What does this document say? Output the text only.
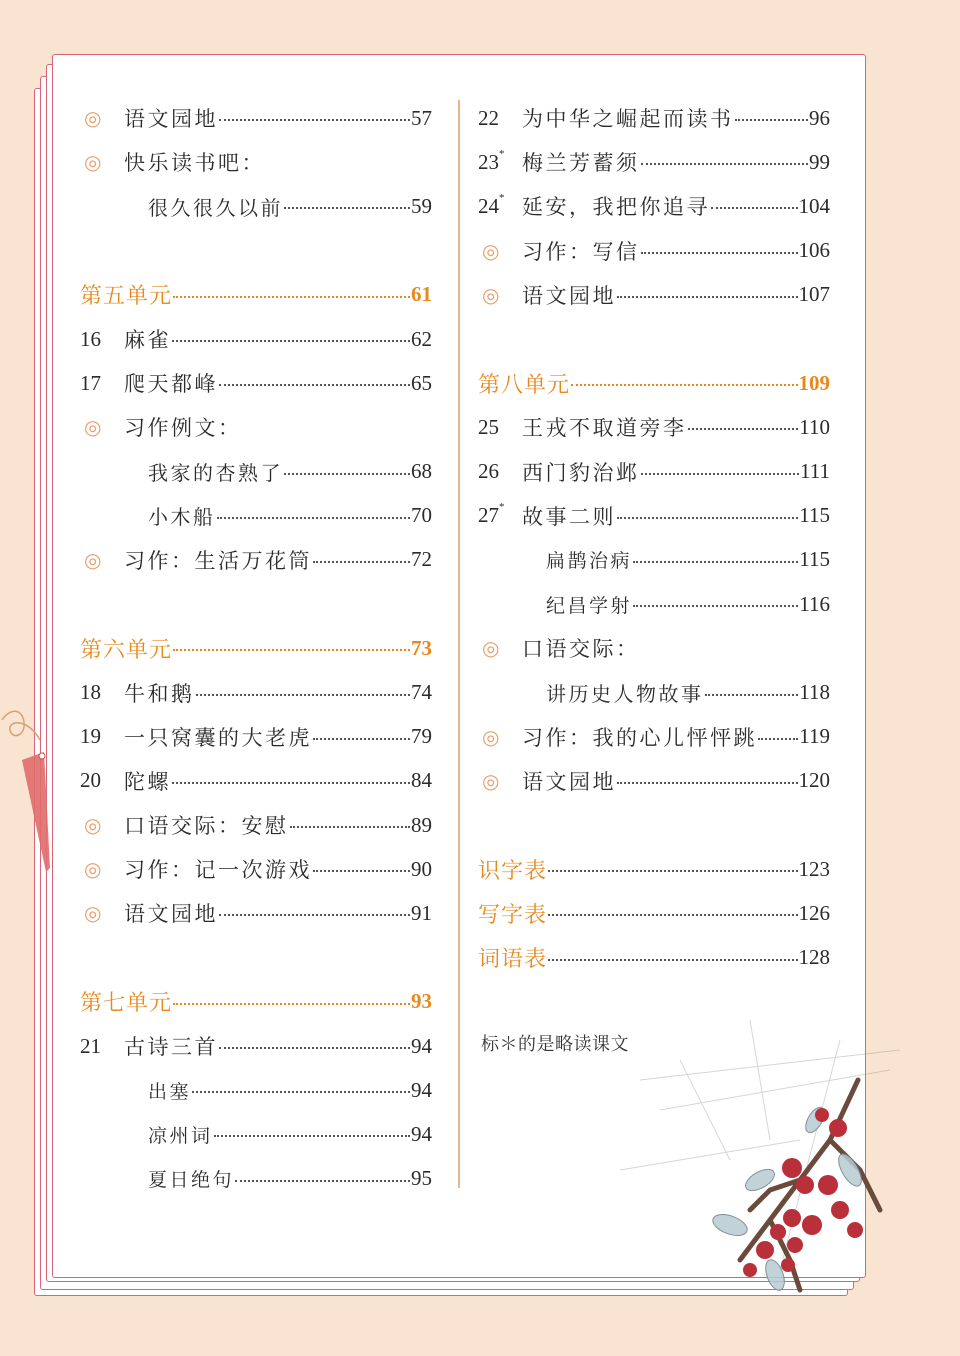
◎	语文园地	57
◎	快乐读书吧：
很久很久以前	59
第五单元	61
16	麻雀	62
17	爬天都峰	65
◎	习作例文：
我家的杏熟了	68
小木船	70
◎	习作：生活万花筒	72
第六单元	73
18	牛和鹅	74
19	一只窝囊的大老虎	79
20	陀螺	84
◎	口语交际：安慰	89
◎	习作：记一次游戏	90
◎	语文园地	91
第七单元	93
21	古诗三首	94
出塞	94
凉州词	94
夏日绝句	95
22	为中华之崛起而读书	96
23* 梅兰芳蓄须	99
24* 延安，我把你追寻	104
◎	习作：写信	106
◎	语文园地	107
第八单元	109
25	王戎不取道旁李	110
26	西门豹治邺	111
27* 故事二则	115
扁鹊治病	115
纪昌学射	116
◎	口语交际：
讲历史人物故事	118
◎	习作：我的心儿怦怦跳 119
◎	语文园地	120
识字表	123
写字表	126
词语表	128
标＊的是略读课文
